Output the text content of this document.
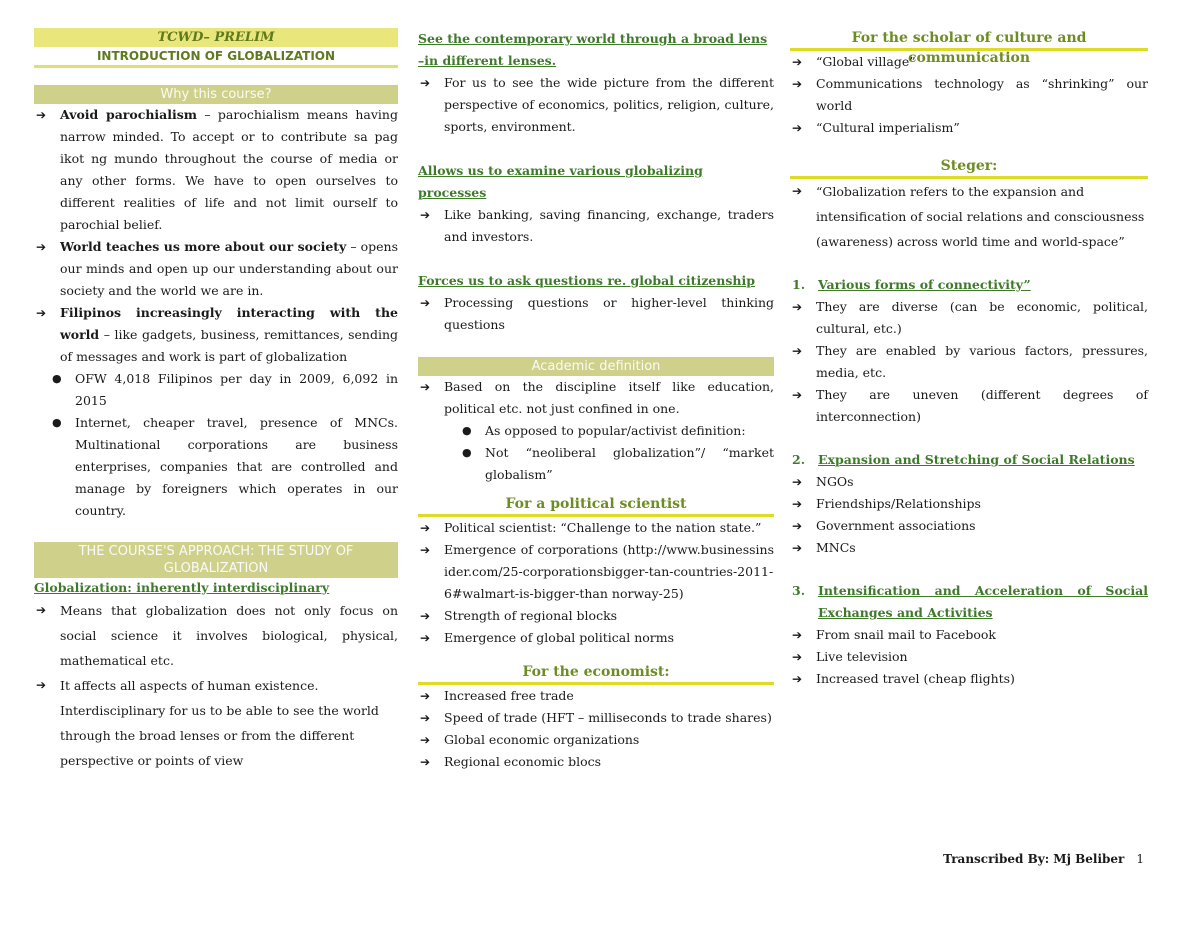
TCWD– PRELIM
INTRODUCTION OF GLOBALIZATION
Why this course?
➔ Avoid parochialism – parochialism means having narrow minded. To accept or to contribute sa pag ikot ng mundo throughout the course of media or any other forms. We have to open ourselves to different realities of life and not limit ourself to parochial belief.
➔ World teaches us more about our society – opens our minds and open up our understanding about our society and the world we are in.
➔ Filipinos increasingly interacting with the world – like gadgets, business, remittances, sending of messages and work is part of globalization
● OFW 4,018 Filipinos per day in 2009, 6,092 in 2015
● Internet, cheaper travel, presence of MNCs. Multinational corporations are business enterprises, companies that are controlled and manage by foreigners which operates in our country.
THE COURSE'S APPROACH: THE STUDY OF GLOBALIZATION
Globalization: inherently interdisciplinary
➔ Means that globalization does not only focus on social science it involves biological, physical, mathematical etc.
➔ It affects all aspects of human existence. Interdisciplinary for us to be able to see the world through the broad lenses or from the different perspective or points of view
See the contemporary world through a broad lens –in different lenses.
➔ For us to see the wide picture from the different perspective of economics, politics, religion, culture, sports, environment.
Allows us to examine various globalizing processes
➔ Like banking, saving financing, exchange, traders and investors.
Forces us to ask questions re. global citizenship
➔ Processing questions or higher-level thinking questions
Academic definition
➔ Based on the discipline itself like education, political etc. not just confined in one.
● As opposed to popular/activist definition:
● Not “neoliberal globalization”/ “market globalism”
For a political scientist
➔ Political scientist: “Challenge to the nation state.”
➔ Emergence of corporations (http://www.businessinsider.com/25-corporationsbigger-tan-countries-2011-6#walmart-is-bigger-than norway-25)
➔ Strength of regional blocks
➔ Emergence of global political norms
For the economist:
➔ Increased free trade
➔ Speed of trade (HFT – milliseconds to trade shares)
➔ Global economic organizations
➔ Regional economic blocs
For the scholar of culture and communication
➔ “Global village”
➔ Communications technology as “shrinking” our world
➔ “Cultural imperialism”
Steger:
➔ “Globalization refers to the expansion and intensification of social relations and consciousness (awareness) across world time and world-space”
1. Various forms of connectivity”
➔ They are diverse (can be economic, political, cultural, etc.)
➔ They are enabled by various factors, pressures, media, etc.
➔ They are uneven (different degrees of interconnection)
2. Expansion and Stretching of Social Relations
➔ NGOs
➔ Friendships/Relationships
➔ Government associations
➔ MNCs
3. Intensification and Acceleration of Social Exchanges and Activities
➔ From snail mail to Facebook
➔ Live television
➔ Increased travel (cheap flights)
Transcribed By: Mj Beliber 1
